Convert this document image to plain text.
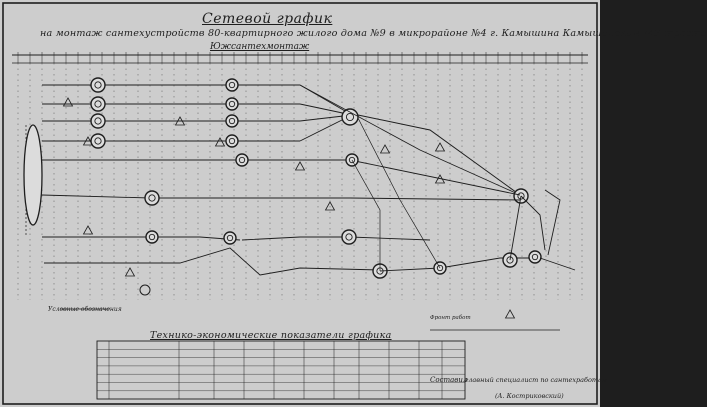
Сетевой график
на монтаж сантехустройств 80-квартирного жилого дома №9 в микрорайоне №4 г. Камышина Камышинским МУ треста
Южсантехмонтаж
Условные обозначения
Фронт работ
Технико-экономические показатели графика
Составил
главный специалист по сантехработам
(А. Костриковский)
